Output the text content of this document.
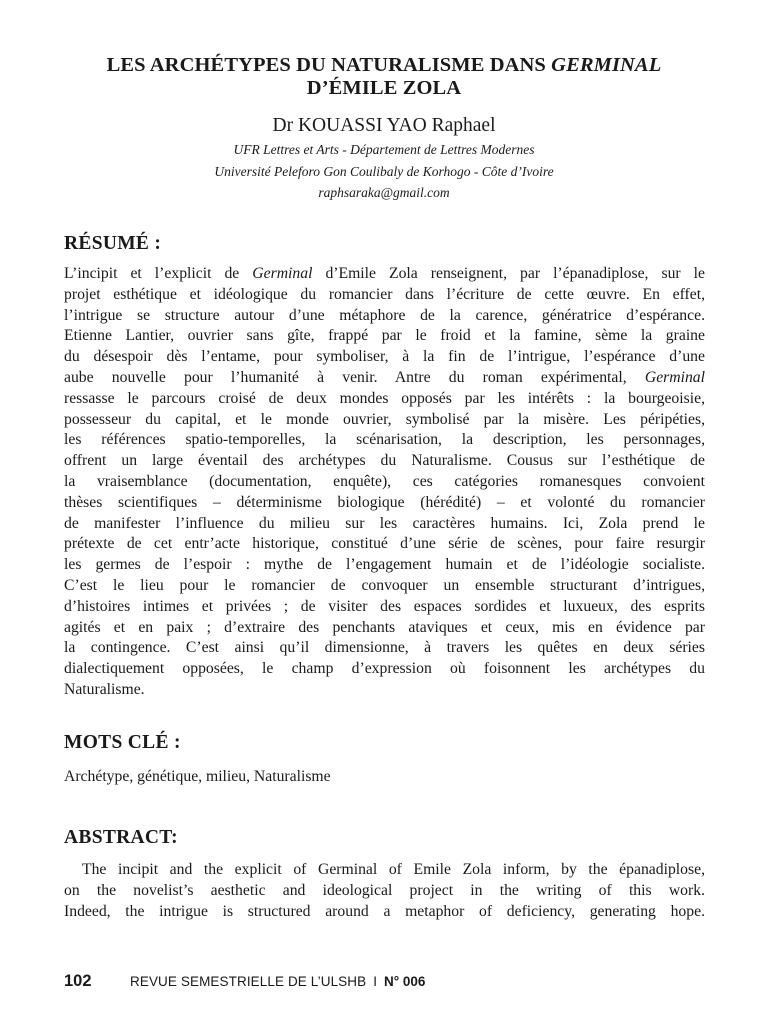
LES ARCHÉTYPES DU NATURALISME DANS GERMINAL
D’ÉMILE ZOLA

Dr KOUASSI YAO Raphael

UFR Lettres et Arts - Département de Lettres Modernes
Université Peleforo Gon Coulibaly de Korhogo - Côte d’Ivoire
raphsaraka@gmail.com

RÉSUMÉ :
L’incipit et l’explicit de Germinal d’Emile Zola renseignent, par l’épanadiplose, sur le
projet esthétique et idéologique du romancier dans l’écriture de cette œuvre. En effet,
l’intrigue se structure autour d’une métaphore de la carence, génératrice d’espérance.
Etienne Lantier, ouvrier sans gîte, frappé par le froid et la famine, sème la graine
du désespoir dès l’entame, pour symboliser, à la fin de l’intrigue, l’espérance d’une
aube nouvelle pour l’humanité à venir. Antre du roman expérimental, Germinal
ressasse le parcours croisé de deux mondes opposés par les intérêts : la bourgeoisie,
possesseur du capital, et le monde ouvrier, symbolisé par la misère. Les péripéties,
les références spatio-temporelles, la scénarisation, la description, les personnages,
offrent un large éventail des archétypes du Naturalisme. Cousus sur l’esthétique de
la vraisemblance (documentation, enquête), ces catégories romanesques convoient
thèses scientifiques – déterminisme biologique (hérédité) – et volonté du romancier
de manifester l’influence du milieu sur les caractères humains. Ici, Zola prend le
prétexte de cet entr’acte historique, constitué d’une série de scènes, pour faire resurgir
les germes de l’espoir : mythe de l’engagement humain et de l’idéologie socialiste.
C’est le lieu pour le romancier de convoquer un ensemble structurant d’intrigues,
d’histoires intimes et privées ; de visiter des espaces sordides et luxueux, des esprits
agités et en paix ; d’extraire des penchants ataviques et ceux, mis en évidence par
la contingence. C’est ainsi qu’il dimensionne, à travers les quêtes en deux séries
dialectiquement opposées, le champ d’expression où foisonnent les archétypes du
Naturalisme.
MOTS CLÉ :

Archétype, génétique, milieu, Naturalisme

ABSTRACT:
The incipit and the explicit of Germinal of Emile Zola inform, by the épanadiplose,
on the novelist’s aesthetic and ideological project in the writing of this work.
Indeed, the intrigue is structured around a metaphor of deficiency, generating hope.
102	REVUE SEMESTRIELLE DE L’ULSHB I N° 006
